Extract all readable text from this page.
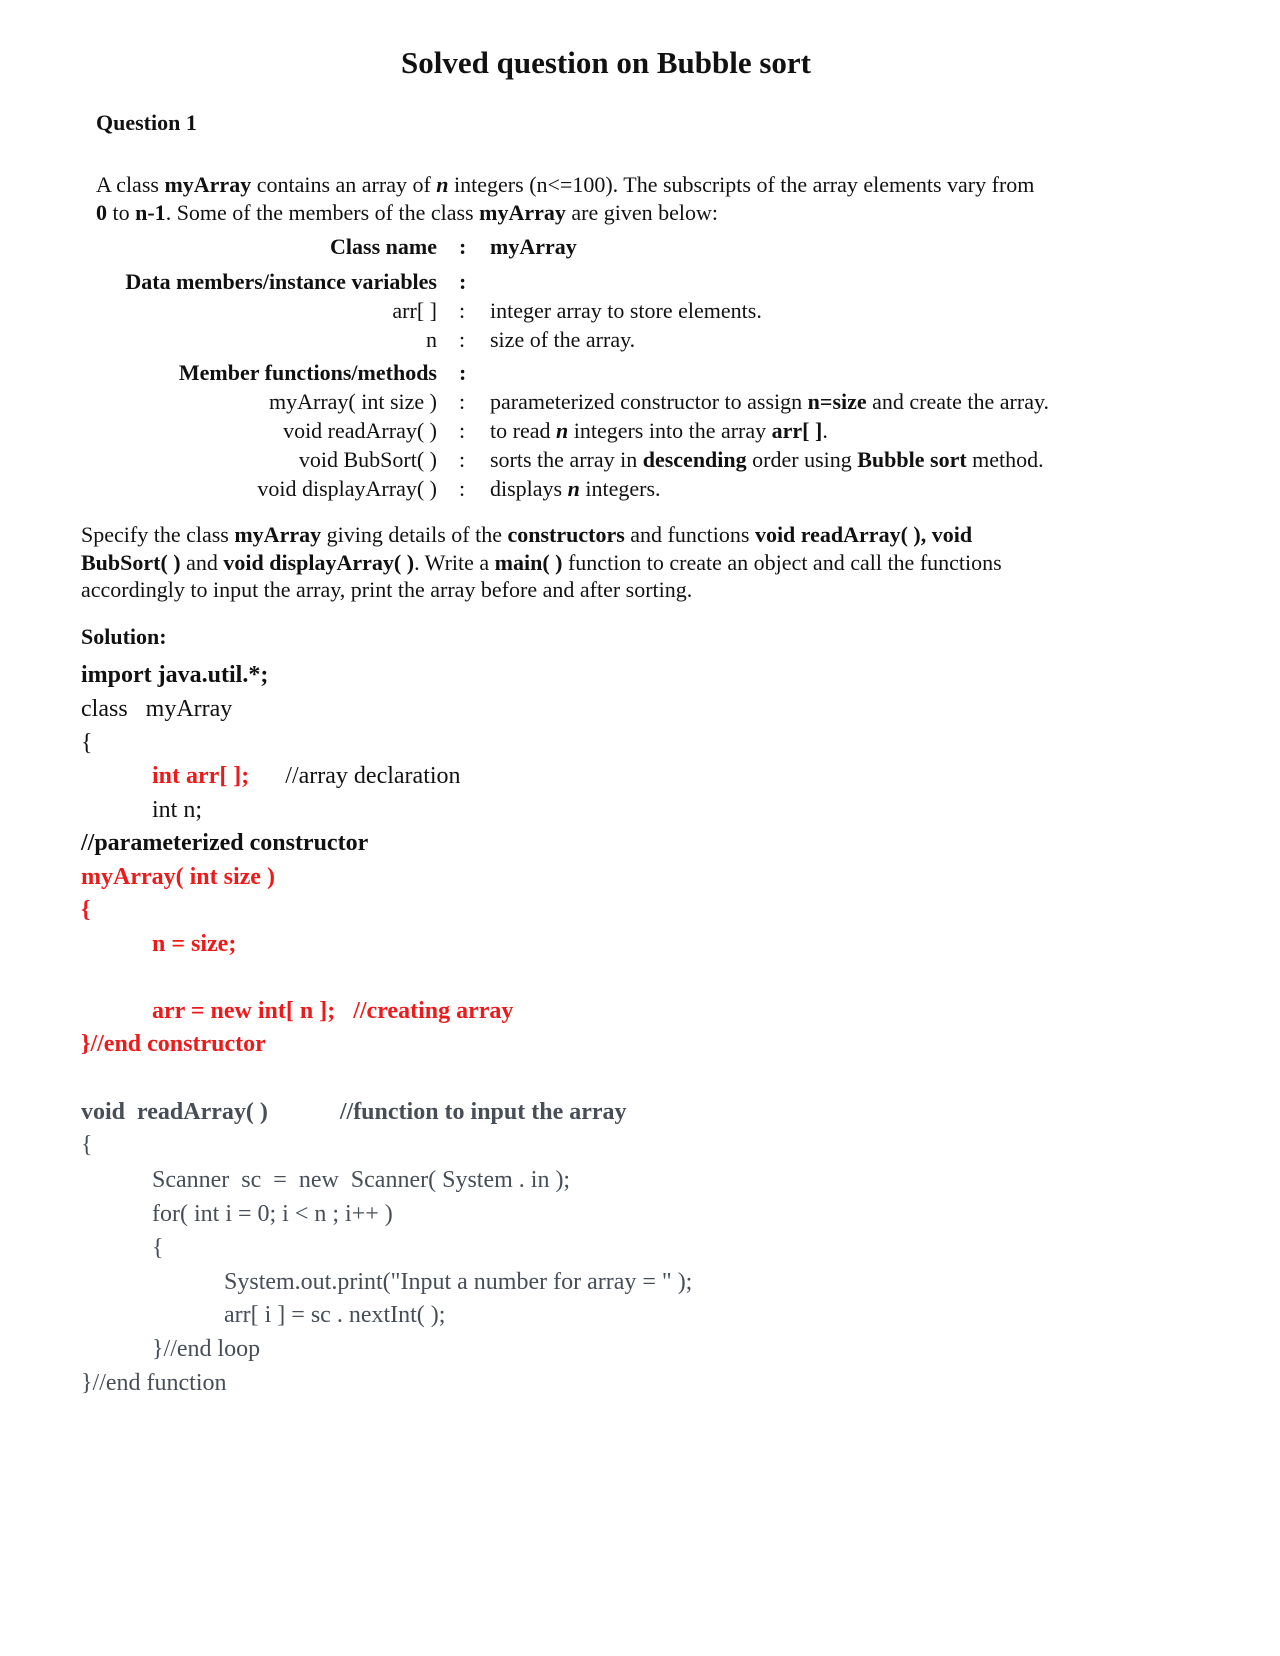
Solved question on Bubble sort
Question 1
A class myArray contains an array of n integers (n<=100). The subscripts of the array elements vary from
0 to n-1. Some of the members of the class myArray are given below:
Class name : myArray
Data members/instance variables :
arr[ ] : integer array to store elements.
n : size of the array.
Member functions/methods :
myArray( int size ) : parameterized constructor to assign n=size and create the array.
void readArray( ) : to read n integers into the array arr[ ].
void BubSort( ) : sorts the array in descending order using Bubble sort method.
void displayArray( ) : displays n integers.
Specify the class myArray giving details of the constructors and functions void readArray( ), void
BubSort( ) and void displayArray( ). Write a main( ) function to create an object and call the functions
accordingly to input the array, print the array before and after sorting.
Solution:
import java.util.*;
class   myArray
{
int arr[ ];      //array declaration
int n;
//parameterized constructor
myArray( int size )
{
n = size;
arr = new int[ n ];   //creating array
}//end constructor
void  readArray( )            //function to input the array
{
Scanner  sc  =  new  Scanner( System . in );
for( int i = 0; i < n ; i++ )
{
System.out.print("Input a number for array = " );
arr[ i ] = sc . nextInt( );
}//end loop
}//end function
